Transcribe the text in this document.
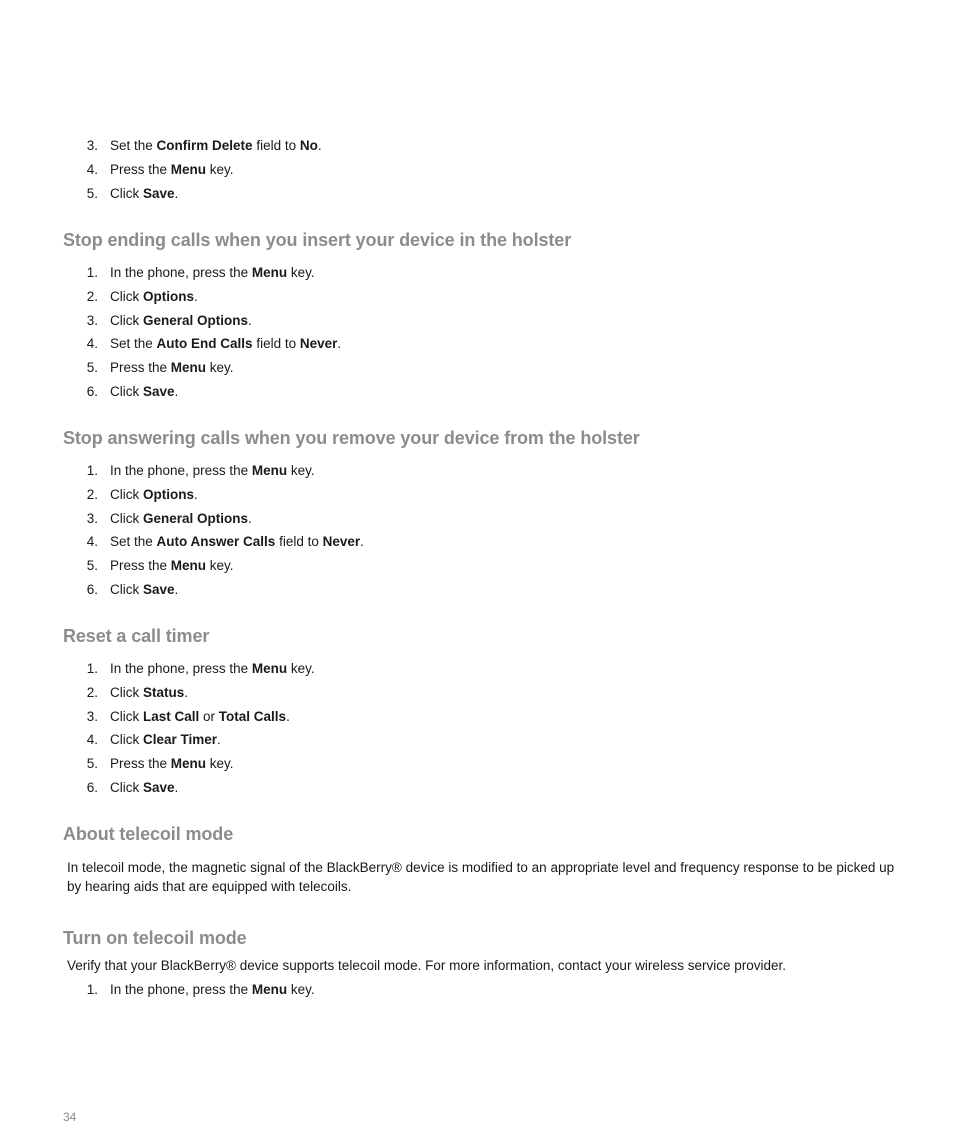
3. Set the Confirm Delete field to No.
4. Press the Menu key.
5. Click Save.
Stop ending calls when you insert your device in the holster
1. In the phone, press the Menu key.
2. Click Options.
3. Click General Options.
4. Set the Auto End Calls field to Never.
5. Press the Menu key.
6. Click Save.
Stop answering calls when you remove your device from the holster
1. In the phone, press the Menu key.
2. Click Options.
3. Click General Options.
4. Set the Auto Answer Calls field to Never.
5. Press the Menu key.
6. Click Save.
Reset a call timer
1. In the phone, press the Menu key.
2. Click Status.
3. Click Last Call or Total Calls.
4. Click Clear Timer.
5. Press the Menu key.
6. Click Save.
About telecoil mode

In telecoil mode, the magnetic signal of the BlackBerry® device is modified to an appropriate level and frequency response to be picked up by hearing aids that are equipped with telecoils.

Turn on telecoil mode

Verify that your BlackBerry® device supports telecoil mode. For more information, contact your wireless service provider.

1. In the phone, press the Menu key.
34
